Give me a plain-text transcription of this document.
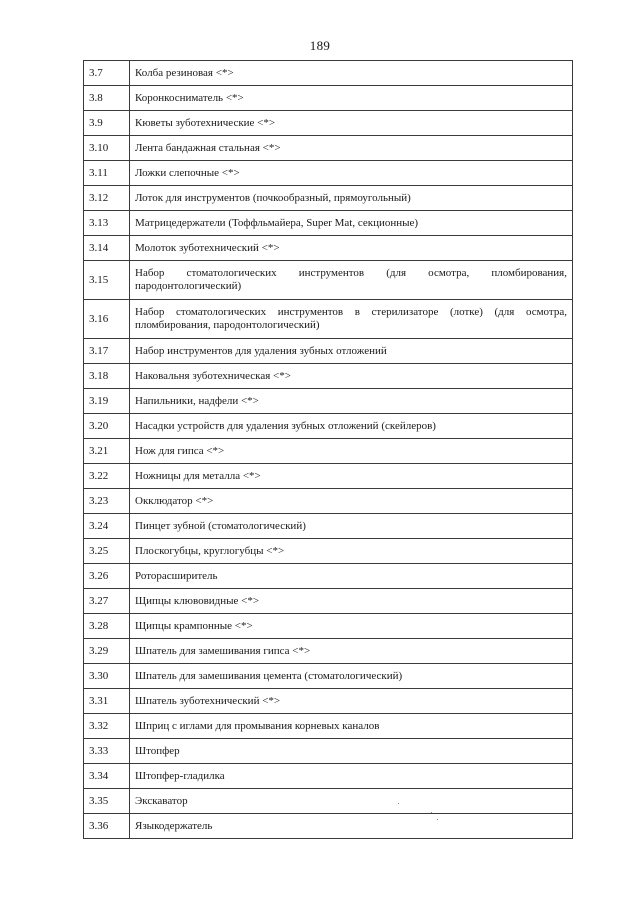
189
3.7	Колба резиновая <*>
3.8	Коронкосниматель <*>
3.9	Кюветы зуботехнические <*>
3.10	Лента бандажная стальная <*>
3.11	Ложки слепочные <*>
3.12	Лоток для инструментов (почкообразный, прямоугольный)
3.13	Матрицедержатели (Тоффльмайера, Super Mat, секционные)
3.14	Молоток зуботехнический <*>
3.15	Набор стоматологических инструментов (для осмотра, пломбирования, пародонтологический)
3.16	Набор стоматологических инструментов в стерилизаторе (лотке) (для осмотра, пломбирования, пародонтологический)
3.17	Набор инструментов для удаления зубных отложений
3.18	Наковальня зуботехническая <*>
3.19	Напильники, надфели <*>
3.20	Насадки устройств для удаления зубных отложений (скейлеров)
3.21	Нож для гипса <*>
3.22	Ножницы для металла <*>
3.23	Окклюдатор <*>
3.24	Пинцет зубной (стоматологический)
3.25	Плоскогубцы, круглогубцы <*>
3.26	Роторасширитель
3.27	Щипцы клювовидные <*>
3.28	Щипцы крампонные <*>
3.29	Шпатель для замешивания гипса <*>
3.30	Шпатель для замешивания цемента (стоматологический)
3.31	Шпатель зуботехнический <*>
3.32	Шприц с иглами для промывания корневых каналов
3.33	Штопфер
3.34	Штопфер-гладилка
3.35	Экскаватор
3.36	Языкодержатель
